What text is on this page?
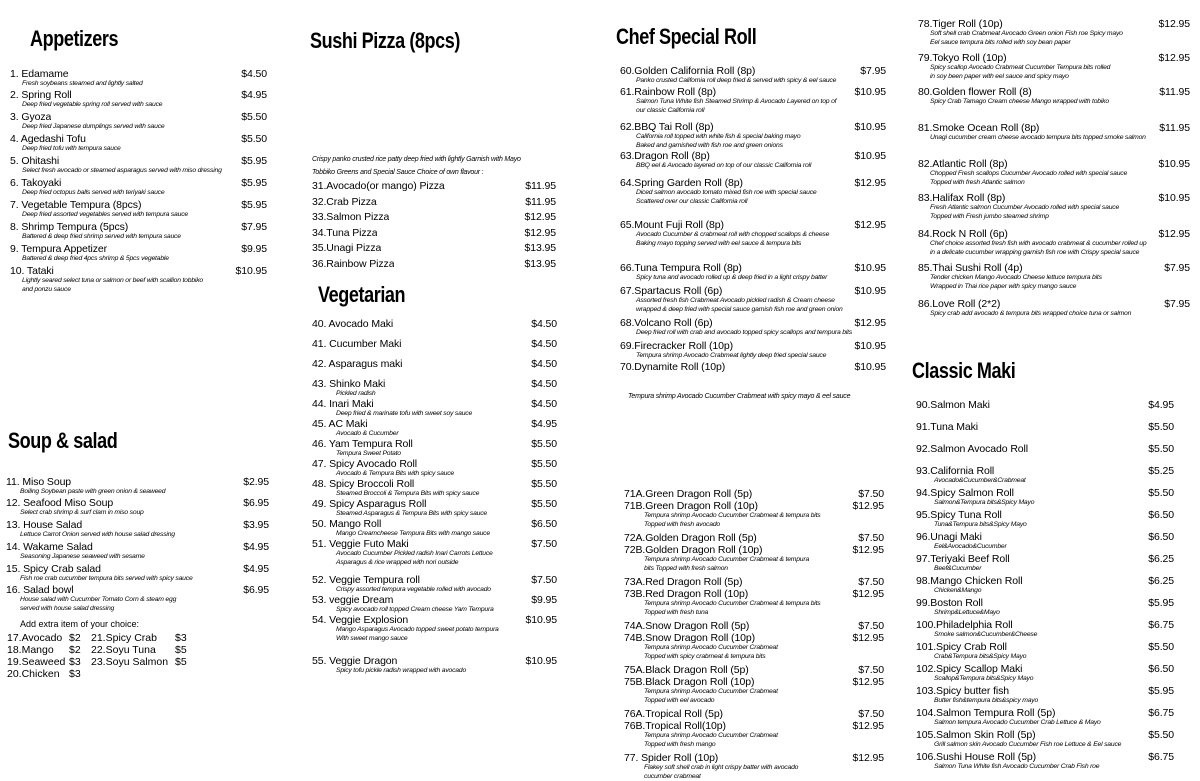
Appetizers
1. Edamame	$4.50
Fresh soybeans steamed and lightly salted
2. Spring Roll	$4.95
Deep fried vegetable spring roll served with sauce
3. Gyoza	$5.50
Deep fried Japanese dumplings served with sauce
4. Agedashi Tofu	$5.50
Deep fried tofu with tempura sauce
5. Ohitashi	$5.95
Select fresh avocado or steamed asparagus served with miso dressing
6. Takoyaki	$5.95
Deep fried octopus balls served with teriyaki sauce
7. Vegetable Tempura (8pcs)	$5.95
Deep fried assorted vegetables served with tempura sauce
8. Shrimp Tempura (5pcs)	$7.95
Battered & deep fried shrimp served with tempura sauce
9. Tempura Appetizer	$9.95
Battered & deep fried 4pcs shrimp & 5pcs vegetable
10. Tataki	$10.95
Lightly seared select tuna or salmon or beef with scallion tobbiko
and ponzu sauce
Soup & salad
11. Miso Soup	$2.95
Boiling Soybean paste with green onion & seaweed
12. Seafood Miso Soup	$6.95
Select crab shrimp & surf clam in miso soup
13. House Salad	$3.95
Lettuce Carrot Onion served with house salad dressing
14. Wakame Salad	$4.95
Seasoning Japanese seaweed with sesame
15. Spicy Crab salad	$4.95
Fish roe crab cucumber tempura bits served with spicy sauce
16. Salad bowl	$6.95
House salad with Cucumber Tomato Corn & steam egg
served with house salad dressing
Add extra item of your choice:
17.Avocado $2 21.Spicy Crab	$3
18.Mango	$2 22.Soyu Tuna	$5
19.Seaweed $3 23.Soyu Salmon $5
20.Chicken $3
Sushi Pizza (8pcs)
Crispy panko crusted rice patty deep fried with lightly Garnish with Mayo
Tobbiko Greens and Special Sauce Choice of own flavour :
31.Avocado(or mango) Pizza	$11.95
32.Crab Pizza	$11.95
33.Salmon Pizza	$12.95
34.Tuna Pizza	$12.95
35.Unagi Pizza	$13.95
36.Rainbow Pizza	$13.95
Vegetarian
40. Avocado Maki	$4.50
41. Cucumber Maki	$4.50
42. Asparagus maki	$4.50
43. Shinko Maki	$4.50
Pickled radish
44. Inari Maki	$4.50
Deep fried & marinate tofu with sweet soy sauce
45. AC Maki	$4.95
Avocado & Cucumber
46. Yam Tempura Roll	$5.50
Tempura Sweet Potato
47. Spicy Avocado Roll	$5.50
Avocado & Tempura Bits with spicy sauce
48. Spicy Broccoli Roll	$5.50
Steamed Broccoli & Tempura Bits with spicy sauce
49. Spicy Asparagus Roll	$5.50
Steamed Asparagus & Tempura Bits with spicy sauce
50. Mango Roll	$6.50
Mango Creamcheese Tempura Bits with mango sauce
51. Veggie Futo Maki	$7.50
Avocado Cucumber Pickled radish Inari Carrots Lettuce
Asparagus & rice wrapped with nori outside
52. Veggie Tempura roll	$7.50
Crispy assorted tempura vegetable rolled with avocado
53. veggie Dream	$9.95
Spicy avocado roll topped Cream cheese Yam Tempura
54. Veggie Explosion	$10.95
Mango Asparagus Avocado topped sweet potato tempura
With sweet mango sauce
55. Veggie Dragon	$10.95
Spicy tofu pickle radish wrapped with avocado
Chef Special Roll
60.Golden California Roll (8p)	$7.95
Panko crusted California roll deep fried & served with spicy & eel sauce
61.Rainbow Roll (8p)	$10.95
Salmon Tuna White fish Steamed Shrimp & Avocado Layered on top of
our classic California roll
62.BBQ Tai Roll (8p)	$10.95
California roll topped with white fish & special baking mayo
Baked and garnished with fish roe and green onions
63.Dragon Roll (8p)	$10.95
BBQ eel & Avocado layered on top of our classic California roll
64.Spring Garden Roll (8p)	$12.95
Diced salmon avocado tomato mixed fish roe with special sauce
Scattered over our classic California roll
65.Mount Fuji Roll (8p)	$12.95
Avocado Cucumber & crabmeat roll with chopped scallops & cheese
Baking mayo topping served with eel sauce & tempura bits
66.Tuna Tempura Roll (8p)	$10.95
Spicy tuna and avocado rolled up & deep fried in a light crispy batter
67.Spartacus Roll (6p)	$10.95
Assorted fresh fish Crabmeat Avocado pickled radish & Cream cheese
wrapped & deep fried with special sauce garnish fish roe and green onion
68.Volcano Roll (6p)	$12.95
Deep fried roll with crab and avocado topped spicy scallops and tempura bits
69.Firecracker Roll (10p)	$10.95
Tempura shrimp Avocado Crabmeat lightly deep fried special sauce
70.Dynamite Roll (10p)	$10.95
Tempura shrimp Avocado Cucumber Crabmeat with spicy mayo & eel sauce
71A.Green Dragon Roll (5p)	$7.50
71B.Green Dragon Roll (10p)	$12.95
Tempura shrimp Avocado Cucumber Crabmeat & tempura bits
Topped with fresh avocado
72A.Golden Dragon Roll (5p)	$7.50
72B.Golden Dragon Roll (10p)	$12.95
Tempura shrimp Avocado Cucumber Crabmeat & tempura
bits Topped with fresh salmon
73A.Red Dragon Roll (5p)	$7.50
73B.Red Dragon Roll (10p)	$12.95
Tempura shrimp Avocado Cucumber Crabmeat & tempura bits
Topped with fresh tuna
74A.Snow Dragon Roll (5p)	$7.50
74B.Snow Dragon Roll (10p)	$12.95
Tempura shrimp Avocado Cucumber Crabmeat
Topped with spicy crabmeat & tempura bits
75A.Black Dragon Roll (5p)	$7.50
75B.Black Dragon Roll (10p)	$12.95
Tempura shrimp Avocado Cucumber Crabmeat
Topped with eel avocado
76A.Tropical Roll (5p)	$7.50
76B.Tropical Roll(10p)	$12.95
Tempura shrimp Avocado Cucumber Crabmeat
Topped with fresh mango
77. Spider Roll (10p)	$12.95
Flakey soft shell crab in light crispy batter with avocado
cucumber crabmeat
78.Tiger Roll (10p)	$12.95
Soft shell crab Crabmeat Avocado Green onion Fish roe Spicy mayo
Eel sauce tempura bits rolled with soy bean paper
79.Tokyo Roll (10p)	$12.95
Spicy scallop Avocado Crabmeat Cucumber Tempura bits rolled
in soy been paper with eel sauce and spicy mayo
80.Golden flower Roll (8)	$11.95
Spicy Crab Tamago Cream cheese Mango wrapped with tobiko
81.Smoke Ocean Roll (8p)	$11.95
Unagi cucumber cream cheese avocado tempura bits topped smoke salmon
82.Atlantic Roll (8p)	$10.95
Chopped Fresh scallops Cucumber Avocado rolled with special sauce
Topped with fresh Atlantic salmon
83.Halifax Roll (8p)	$10.95
Fresh Atlantic salmon Cucumber Avocado rolled with special sauce
Topped with Fresh jumbo steamed shrimp
84.Rock N Roll (6p)	$12.95
Chef choice assorted fresh fish with avocado crabmeat & cucumber rolled up
in a delicate cucumber wrapping garnish fish roe with Crispy special sauce
85.Thai Sushi Roll (4p)	$7.95
Tender chicken Mango Avocado Cheese lettuce tempura bits
Wrapped in Thai rice paper with spicy mango sauce
86.Love Roll (2*2)	$7.95
Spicy crab add avocado & tempura bits wrapped choice tuna or salmon
Classic Maki
90.Salmon Maki	$4.95
91.Tuna Maki	$5.50
92.Salmon Avocado Roll	$5.50
93.California Roll	$5.25
Avocado&Cucumber&Crabmeat
94.Spicy Salmon Roll	$5.50
Salmon&Tempura bits&Spicy Mayo
95.Spicy Tuna Roll	$6.50
Tuna&Tempura bits&Spicy Mayo
96.Unagi Maki	$6.50
Eel&Avocado&Cucumber
97.Teriyaki Beef Roll	$6.25
Beef&Cucumber
98.Mango Chicken Roll	$6.25
Chicken&Mango
99.Boston Roll	$5.95
Shrimp&Lettuce&Mayo
100.Philadelphia Roll	$6.75
Smoke salmon&Cucumber&Cheese
101.Spicy Crab Roll	$5.50
Crab&Tempura bits&Spicy Mayo
102.Spicy Scallop Maki	$6.50
Scallop&Tempura bits&Spicy Mayo
103.Spicy butter fish	$5.95
Butter fish&tempura bits&spicy mayo
104.Salmon Tempura Roll (5p)	$6.75
Salmon tempura Avocado Cucumber Crab Lettuce & Mayo
105.Salmon Skin Roll (5p)	$5.50
Grill salmon skin Avocado Cucumber Fish roe Lettuce & Eel sauce
106.Sushi House Roll (5p)	$6.75
Salmon Tuna White fish Avocado Cucumber Crab Fish roe
